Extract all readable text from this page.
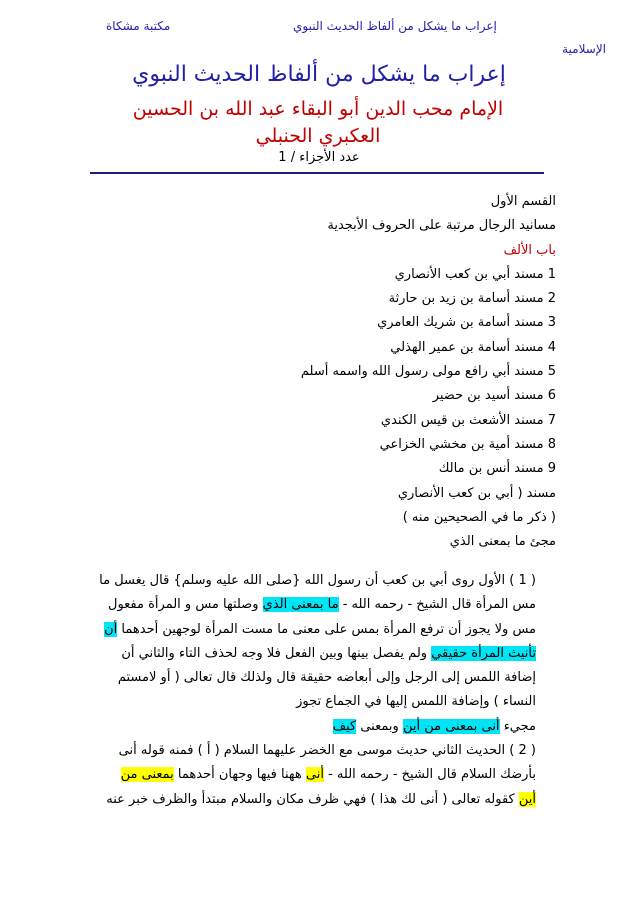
مكتبة مشكاة	إعراب ما يشكل من ألفاظ الحديث النبوي
الإسلامية
إعراب ما يشكل من ألفاظ الحديث النبوي
الإمام محب الدين أبو البقاء عبد الله بن الحسين
العكبري الحنبلي
عدد الأجزاء / 1
القسم الأول
مسانيد الرجال مرتبة على الحروف الأبجدية
باب الألف
1 مسند أبي بن كعب الأنصاري
2 مسند أسامة بن زيد بن حارثة
3 مسند أسامة بن شريك العامري
4 مسند أسامة بن عمير الهذلي
5 مسند أبي رافع مولى رسول الله واسمه أسلم
6 مسند أسيد بن حضير
7 مسند الأشعث بن قيس الكندي
8 مسند أمية بن مخشي الخزاعي
9 مسند أنس بن مالك
مسند ( أبي بن كعب الأنصاري
( ذكر ما في الصحيحين منه )
مجئ ما بمعنى الذي
( 1 ) الأول روى أبي بن كعب أن رسول الله {صلى الله عليه وسلم} قال يغسل ما
مس المرأة قال الشيخ - رحمه الله - ما بمعنى الذي وصلتها مس و المرأة مفعول
مس ولا يجوز أن ترفع المرأة بمس على معنى ما مست المرأة لوجهين أحدهما أن
تأنيث المرأة حقيقي ولم يفصل بينها وبين الفعل فلا وجه لحذف التاء والثاني أن
إضافة اللمس إلى الرجل وإلى أبعاضه حقيقة قال ولذلك قال تعالى ( أو لامستم
النساء ) وإضافة اللمس إليها في الجماع تجوز
مجيء أنى بمعنى من أين وبمعنى كيف
( 2 ) الحديث الثاني حديث موسى مع الخضر عليهما السلام ( أ ) فمنه قوله أنى
بأرضك السلام قال الشيخ - رحمه الله - أنى ههنا فيها وجهان أحدهما بمعنى من
أين كقوله تعالى ( أنى لك هذا ) فهي ظرف مكان والسلام مبتدأ والظرف خبر عنه
